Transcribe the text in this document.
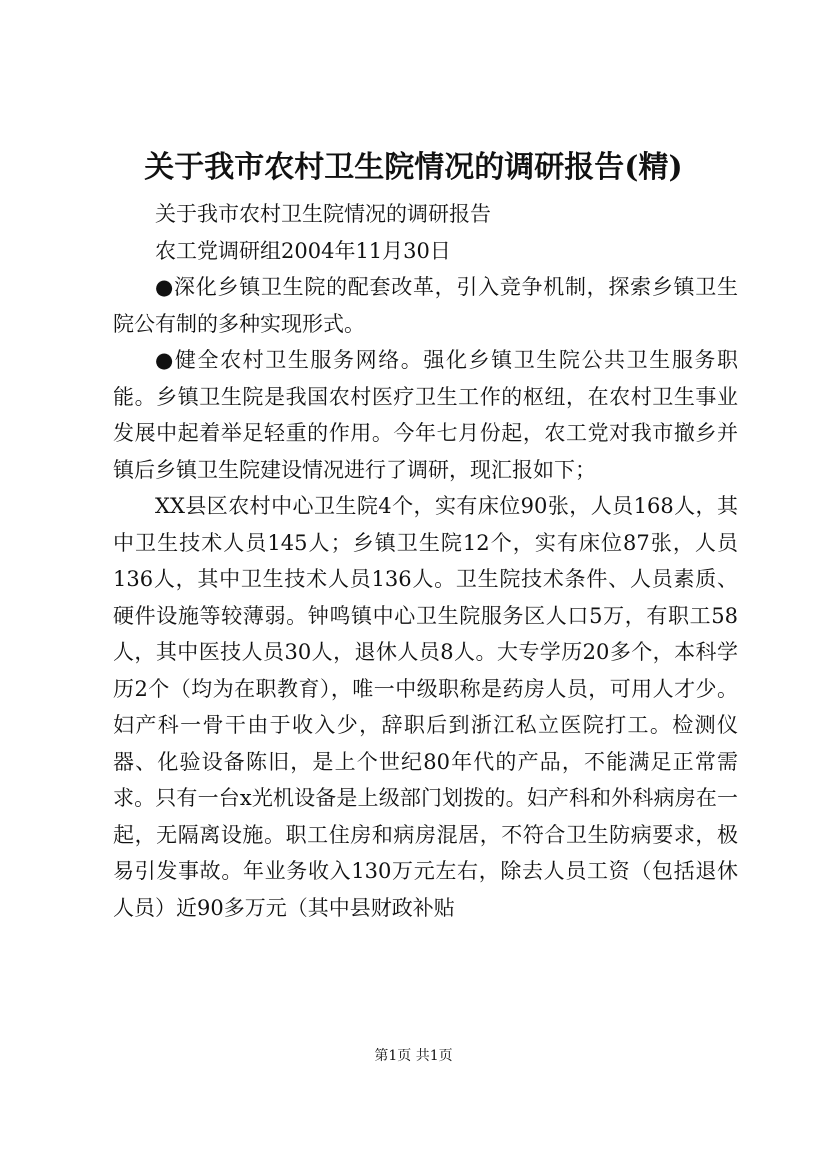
关于我市农村卫生院情况的调研报告(精)

关于我市农村卫生院情况的调研报告

农工党调研组2004年11月30日

●深化乡镇卫生院的配套改革，引入竞争机制，探索乡镇卫生院公有制的多种实现形式。

●健全农村卫生服务网络。强化乡镇卫生院公共卫生服务职能。乡镇卫生院是我国农村医疗卫生工作的枢纽，在农村卫生事业发展中起着举足轻重的作用。今年七月份起，农工党对我市撤乡并镇后乡镇卫生院建设情况进行了调研，现汇报如下；

XX县区农村中心卫生院4个，实有床位90张，人员168人，其中卫生技术人员145人；乡镇卫生院12个，实有床位87张，人员136人，其中卫生技术人员136人。卫生院技术条件、人员素质、硬件设施等较薄弱。钟鸣镇中心卫生院服务区人口5万，有职工58人，其中医技人员30人，退休人员8人。大专学历20多个，本科学历2个（均为在职教育），唯一中级职称是药房人员，可用人才少。妇产科一骨干由于收入少，辞职后到浙江私立医院打工。检测仪器、化验设备陈旧，是上个世纪80年代的产品，不能满足正常需求。只有一台x光机设备是上级部门划拨的。妇产科和外科病房在一起，无隔离设施。职工住房和病房混居，不符合卫生防病要求，极易引发事故。年业务收入130万元左右，除去人员工资（包括退休人员）近90多万元（其中县财政补贴

第1页 共1页
